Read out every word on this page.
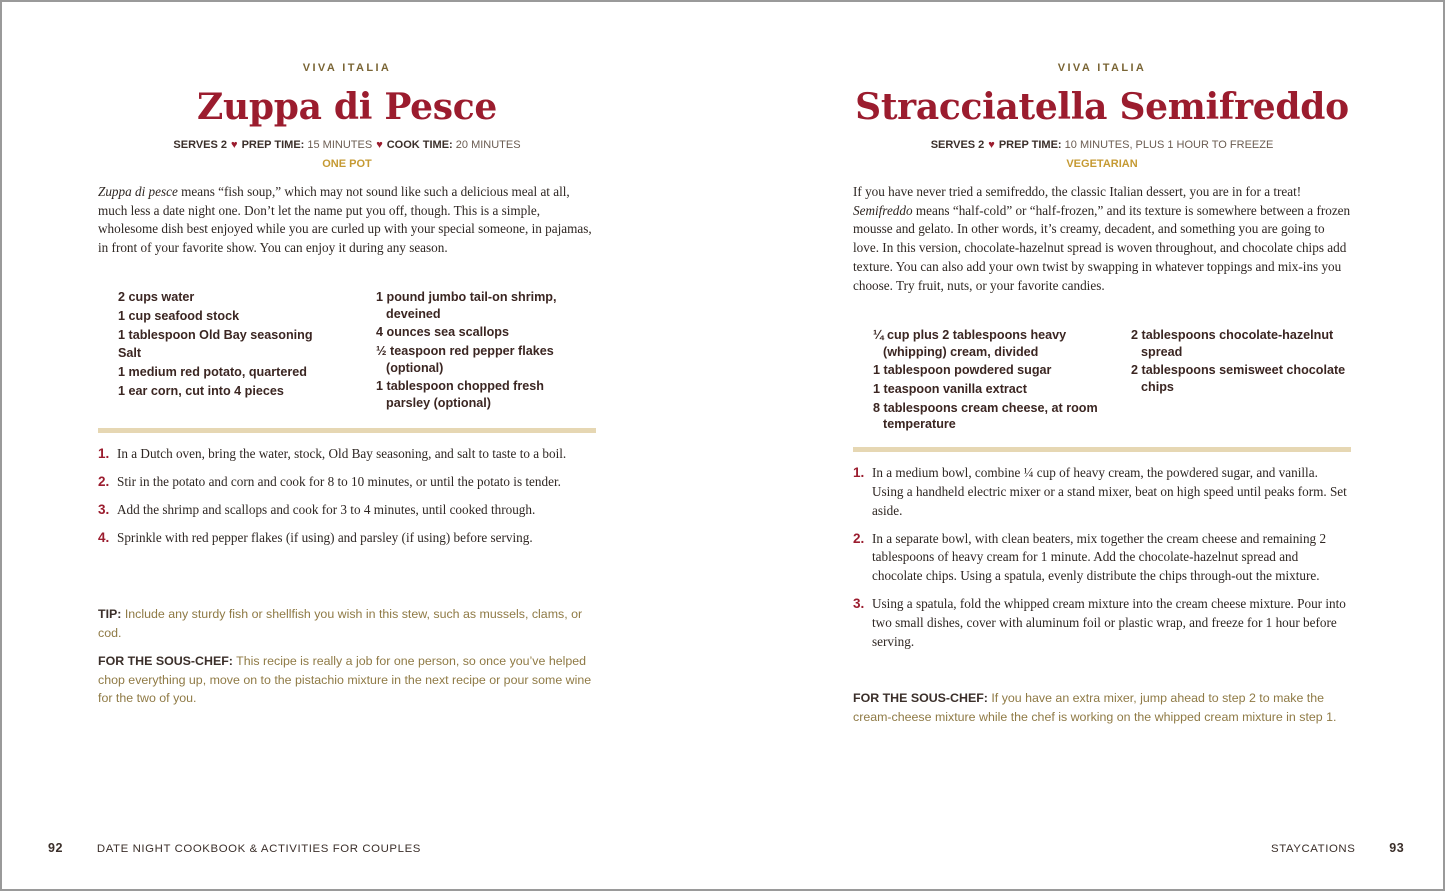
VIVA ITALIA
Zuppa di Pesce
SERVES 2 ♥ PREP TIME: 15 MINUTES ♥ COOK TIME: 20 MINUTES
ONE POT

Zuppa di pesce means “fish soup,” which may not sound like such a delicious meal at all, much less a date night one. Don’t let the name put you off, though. This is a simple, wholesome dish best enjoyed while you are curled up with your special someone, in pajamas, in front of your favorite show. You can enjoy it during any season.

2 cups water
1 cup seafood stock
1 tablespoon Old Bay seasoning
Salt
1 medium red potato, quartered
1 ear corn, cut into 4 pieces
1 pound jumbo tail-on shrimp, deveined
4 ounces sea scallops
½ teaspoon red pepper flakes (optional)
1 tablespoon chopped fresh parsley (optional)
1. In a Dutch oven, bring the water, stock, Old Bay seasoning, and salt to taste to a boil.
2. Stir in the potato and corn and cook for 8 to 10 minutes, or until the potato is tender.
3. Add the shrimp and scallops and cook for 3 to 4 minutes, until cooked through.
4. Sprinkle with red pepper flakes (if using) and parsley (if using) before serving.

TIP: Include any sturdy fish or shellfish you wish in this stew, such as mussels, clams, or cod.

FOR THE SOUS-CHEF: This recipe is really a job for one person, so once you’ve helped chop everything up, move on to the pistachio mixture in the next recipe or pour some wine for the two of you.

92	DATE NIGHT COOKBOOK & ACTIVITIES FOR COUPLES
VIVA ITALIA
Stracciatella Semifreddo
SERVES 2 ♥ PREP TIME: 10 MINUTES, PLUS 1 HOUR TO FREEZE
VEGETARIAN

If you have never tried a semifreddo, the classic Italian dessert, you are in for a treat! Semifreddo means “half-cold” or “half-frozen,” and its texture is somewhere between a frozen mousse and gelato. In other words, it’s creamy, decadent, and something you are going to love. In this version, chocolate-hazelnut spread is woven throughout, and chocolate chips add texture. You can also add your own twist by swapping in whatever toppings and mix-ins you choose. Try fruit, nuts, or your favorite candies.

¼ cup plus 2 tablespoons heavy (whipping) cream, divided
1 tablespoon powdered sugar
1 teaspoon vanilla extract
8 tablespoons cream cheese, at room temperature
2 tablespoons chocolate-hazelnut spread
2 tablespoons semisweet chocolate chips
1. In a medium bowl, combine ¼ cup of heavy cream, the powdered sugar, and vanilla. Using a handheld electric mixer or a stand mixer, beat on high speed until peaks form. Set aside.
2. In a separate bowl, with clean beaters, mix together the cream cheese and remaining 2 tablespoons of heavy cream for 1 minute. Add the chocolate-hazelnut spread and chocolate chips. Using a spatula, evenly distribute the chips through-out the mixture.
3. Using a spatula, fold the whipped cream mixture into the cream cheese mixture. Pour into two small dishes, cover with aluminum foil or plastic wrap, and freeze for 1 hour before serving.

FOR THE SOUS-CHEF: If you have an extra mixer, jump ahead to step 2 to make the cream-cheese mixture while the chef is working on the whipped cream mixture in step 1.

STAYCATIONS	93
